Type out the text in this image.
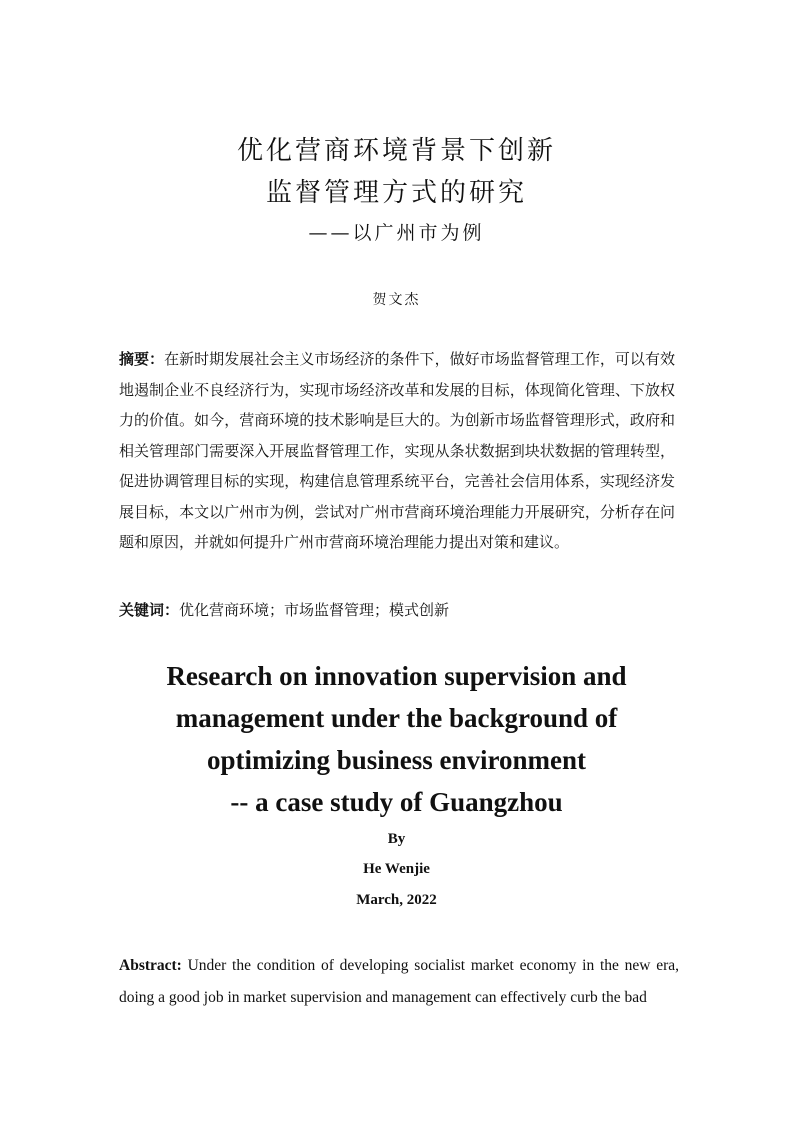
优化营商环境背景下创新
监督管理方式的研究
——以广州市为例
贺文杰
摘要：在新时期发展社会主义市场经济的条件下，做好市场监督管理工作，可以有效地遏制企业不良经济行为，实现市场经济改革和发展的目标，体现简化管理、下放权力的价值。如今，营商环境的技术影响是巨大的。为创新市场监督管理形式，政府和相关管理部门需要深入开展监督管理工作，实现从条状数据到块状数据的管理转型，促进协调管理目标的实现，构建信息管理系统平台，完善社会信用体系，实现经济发展目标，本文以广州市为例，尝试对广州市营商环境治理能力开展研究，分析存在问题和原因，并就如何提升广州市营商环境治理能力提出对策和建议。
关键词：优化营商环境；市场监督管理；模式创新
Research on innovation supervision and
management under the background of
optimizing business environment
-- a case study of Guangzhou
By
He Wenjie
March, 2022
Abstract: Under the condition of developing socialist market economy in the new era, doing a good job in market supervision and management can effectively curb the bad
